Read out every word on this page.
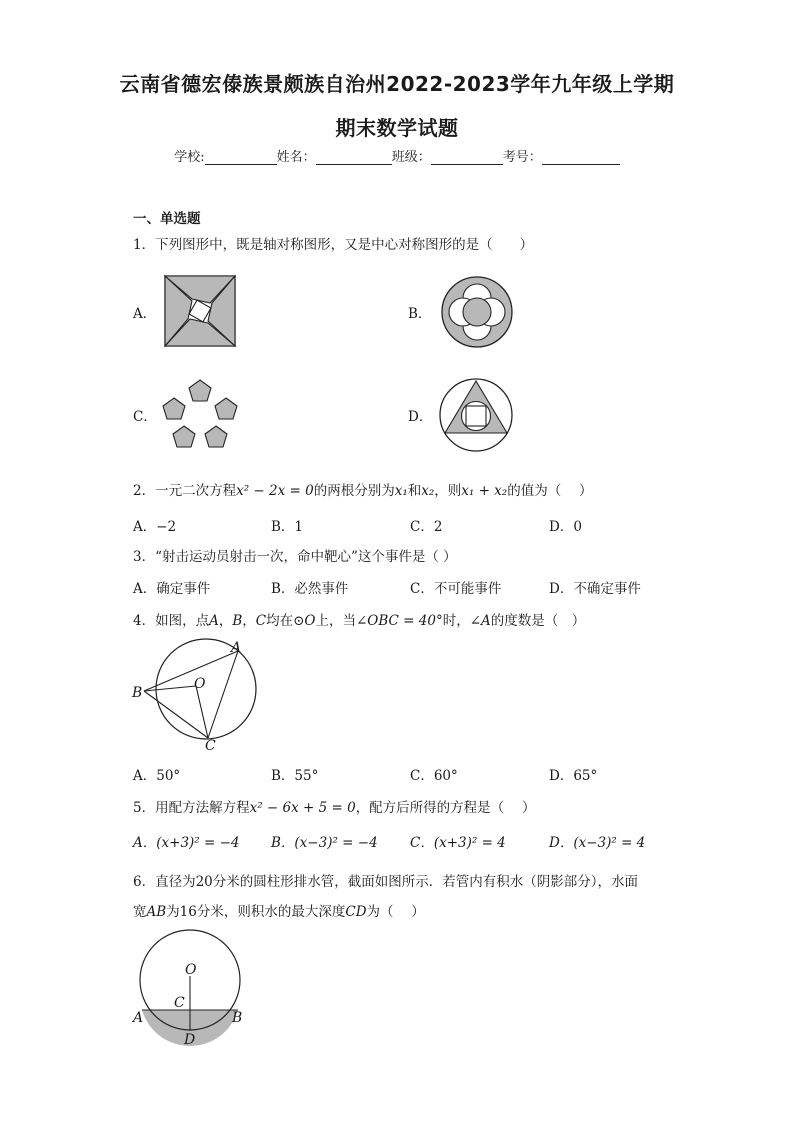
云南省德宏傣族景颇族自治州2022-2023学年九年级上学期
期末数学试题
学校:	姓名：	班级：	考号：
一、单选题
1．下列图形中，既是轴对称图形，又是中心对称图形的是（　　）
A．	B．
C．	D．
2．一元二次方程x² − 2x = 0的两根分别为x₁和x₂，则x₁ + x₂的值为（　 ）
A．−2	B．1	C．2	D．0
3．“射击运动员射击一次，命中靶心”这个事件是（ ）
A．确定事件	B．必然事件	C．不可能事件	D．不确定事件
4．如图，点A，B，C均在⊙O上，当∠OBC = 40°时，∠A的度数是（　）
A
B
C
O
A．50°	B．55°	C．60°	D．65°
5．用配方法解方程x² − 6x + 5 = 0，配方后所得的方程是（　 ）
A．(x+3)² = −4 B．(x−3)² = −4 C．(x+3)² = 4	D．(x−3)² = 4
6．直径为20分米的圆柱形排水管，截面如图所示．若管内有积水（阴影部分），水面
宽AB为16分米，则积水的最大深度CD为（　 ）
O
C
A	B
D
